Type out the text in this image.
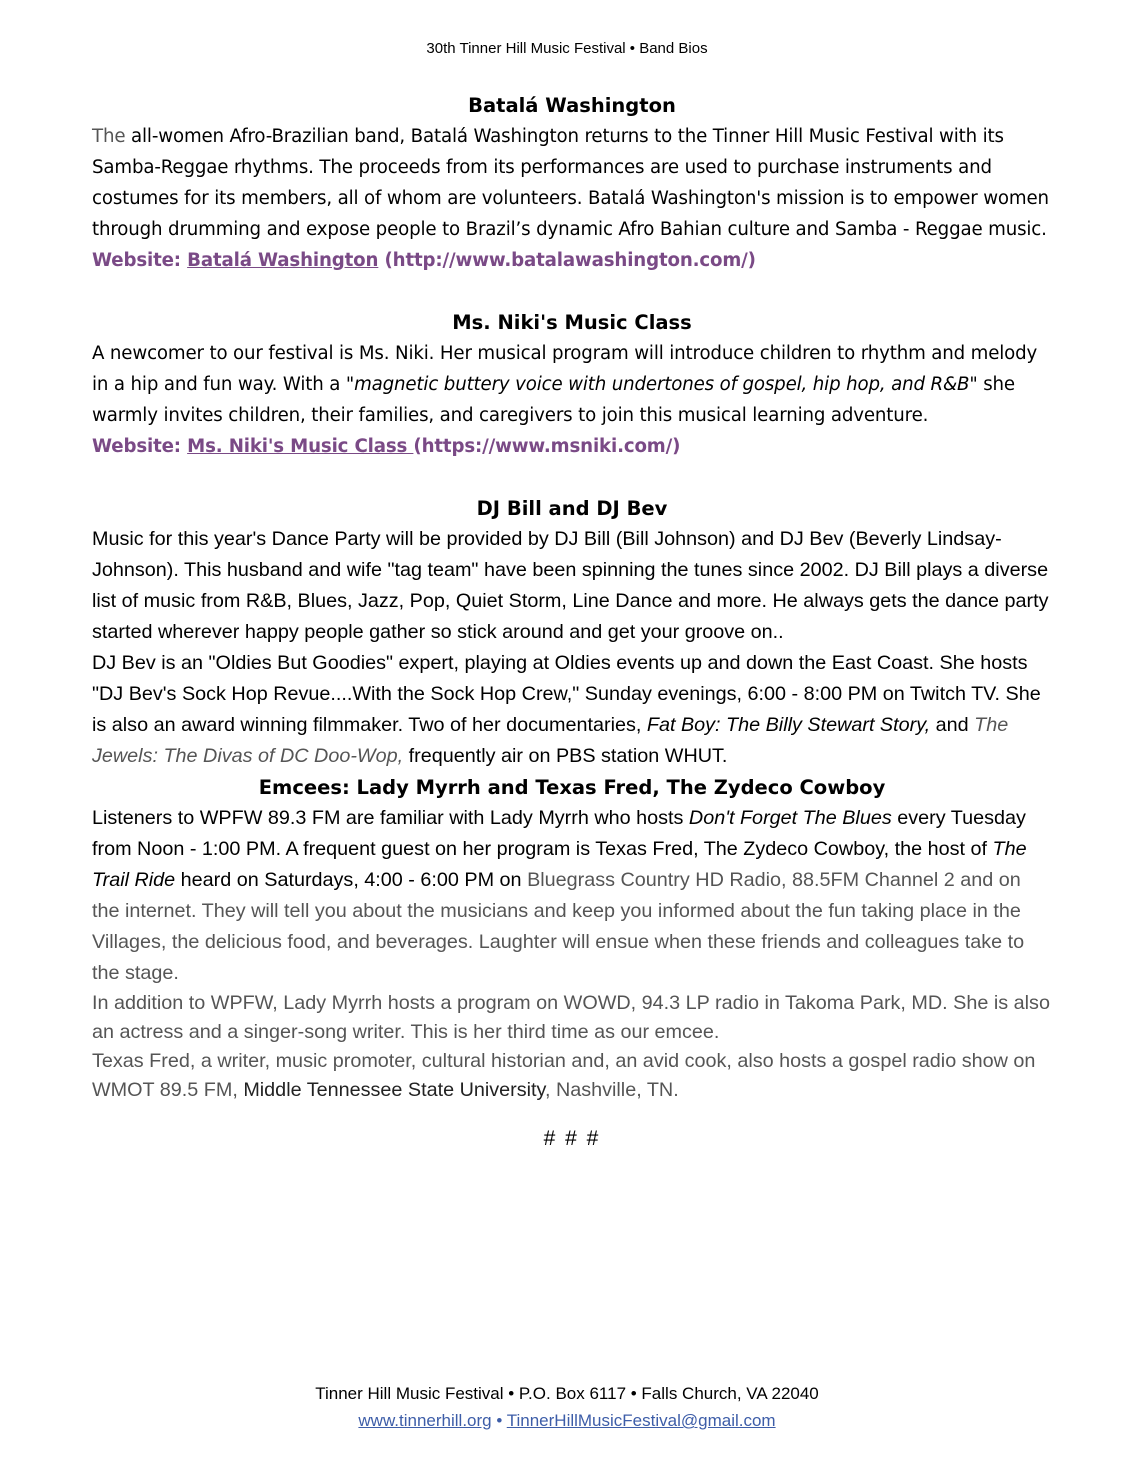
30th Tinner Hill Music Festival • Band Bios
Batalá Washington

The all-women Afro-Brazilian band, Batalá Washington returns to the Tinner Hill Music Festival with its Samba-Reggae rhythms. The proceeds from its performances are used to purchase instruments and costumes for its members, all of whom are volunteers. Batalá Washington's mission is to empower women through drumming and expose people to Brazil’s dynamic Afro Bahian culture and Samba - Reggae music. Website: Batalá Washington (http://www.batalawashington.com/)

Ms. Niki's Music Class

A newcomer to our festival is Ms. Niki. Her musical program will introduce children to rhythm and melody in a hip and fun way. With a "magnetic buttery voice with undertones of gospel, hip hop, and R&B" she warmly invites children, their families, and caregivers to join this musical learning adventure.
Website: Ms. Niki's Music Class (https://www.msniki.com/)

DJ Bill and DJ Bev

Music for this year's Dance Party will be provided by DJ Bill (Bill Johnson) and DJ Bev (Beverly Lindsay-Johnson). This husband and wife "tag team" have been spinning the tunes since 2002. DJ Bill plays a diverse list of music from R&B, Blues, Jazz, Pop, Quiet Storm, Line Dance and more. He always gets the dance party started wherever happy people gather so stick around and get your groove on..

DJ Bev is an "Oldies But Goodies" expert, playing at Oldies events up and down the East Coast. She hosts "DJ Bev's Sock Hop Revue....With the Sock Hop Crew," Sunday evenings, 6:00 - 8:00 PM on Twitch TV. She is also an award winning filmmaker. Two of her documentaries, Fat Boy: The Billy Stewart Story, and The Jewels: The Divas of DC Doo-Wop, frequently air on PBS station WHUT.

Emcees: Lady Myrrh and Texas Fred, The Zydeco Cowboy

Listeners to WPFW 89.3 FM are familiar with Lady Myrrh who hosts Don't Forget The Blues every Tuesday from Noon - 1:00 PM. A frequent guest on her program is Texas Fred, The Zydeco Cowboy, the host of The Trail Ride heard on Saturdays, 4:00 - 6:00 PM on Bluegrass Country HD Radio, 88.5FM Channel 2 and on the internet. They will tell you about the musicians and keep you informed about the fun taking place in the Villages, the delicious food, and beverages. Laughter will ensue when these friends and colleagues take to the stage.

In addition to WPFW, Lady Myrrh hosts a program on WOWD, 94.3 LP radio in Takoma Park, MD. She is also an actress and a singer-song writer. This is her third time as our emcee.

Texas Fred, a writer, music promoter, cultural historian and, an avid cook, also hosts a gospel radio show on WMOT 89.5 FM, Middle Tennessee State University, Nashville, TN.

# # #
Tinner Hill Music Festival • P.O. Box 6117 • Falls Church, VA 22040
www.tinnerhill.org • TinnerHillMusicFestival@gmail.com
